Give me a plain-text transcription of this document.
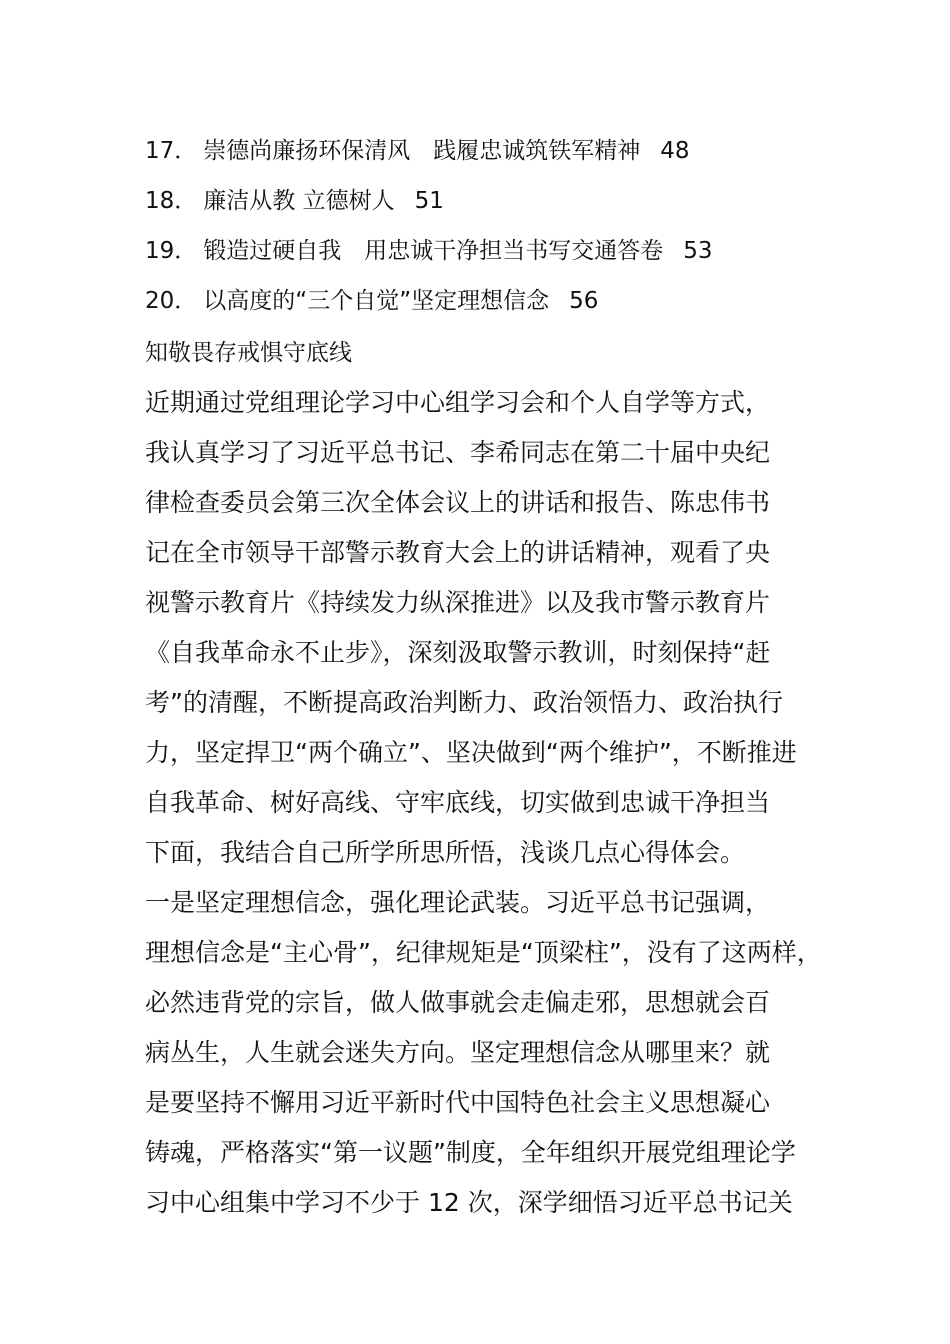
17． 崇德尚廉扬环保清风　践履忠诚筑铁军精神 48
18． 廉洁从教 立德树人 51
19． 锻造过硬自我　用忠诚干净担当书写交通答卷 53
20． 以高度的“三个自觉”坚定理想信念 56
知敬畏存戒惧守底线
近期通过党组理论学习中心组学习会和个人自学等方式，
我认真学习了习近平总书记、李希同志在第二十届中央纪
律检查委员会第三次全体会议上的讲话和报告、陈忠伟书
记在全市领导干部警示教育大会上的讲话精神，观看了央
视警示教育片《持续发力纵深推进》以及我市警示教育片
《自我革命永不止步》，深刻汲取警示教训，时刻保持“赶
考”的清醒，不断提高政治判断力、政治领悟力、政治执行
力，坚定捍卫“两个确立”、坚决做到“两个维护”，不断推进
自我革命、树好高线、守牢底线，切实做到忠诚干净担当
下面，我结合自己所学所思所悟，浅谈几点心得体会。
一是坚定理想信念，强化理论武装。习近平总书记强调，
理想信念是“主心骨”，纪律规矩是“顶梁柱”，没有了这两样，
必然违背党的宗旨，做人做事就会走偏走邪，思想就会百
病丛生，人生就会迷失方向。坚定理想信念从哪里来？就
是要坚持不懈用习近平新时代中国特色社会主义思想凝心
铸魂，严格落实“第一议题”制度，全年组织开展党组理论学
习中心组集中学习不少于 12 次，深学细悟习近平总书记关
